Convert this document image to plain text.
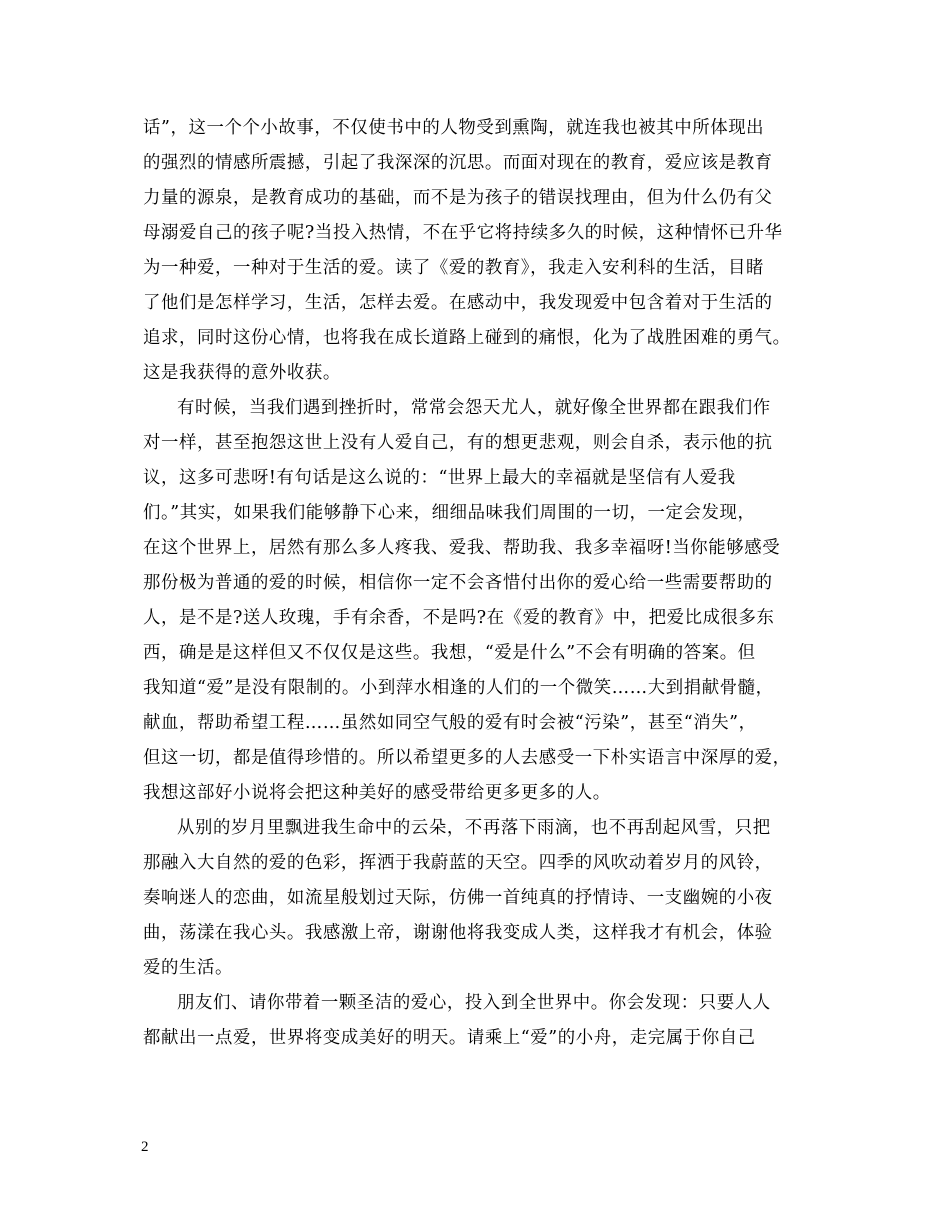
话”，这一个个小故事，不仅使书中的人物受到熏陶，就连我也被其中所体现出
的强烈的情感所震撼，引起了我深深的沉思。而面对现在的教育，爱应该是教育
力量的源泉，是教育成功的基础，而不是为孩子的错误找理由，但为什么仍有父
母溺爱自己的孩子呢?当投入热情，不在乎它将持续多久的时候，这种情怀已升华
为一种爱，一种对于生活的爱。读了《爱的教育》，我走入安利科的生活，目睹
了他们是怎样学习，生活，怎样去爱。在感动中，我发现爱中包含着对于生活的
追求，同时这份心情，也将我在成长道路上碰到的痛恨，化为了战胜困难的勇气。
这是我获得的意外收获。
有时候，当我们遇到挫折时，常常会怨天尤人，就好像全世界都在跟我们作
对一样，甚至抱怨这世上没有人爱自己，有的想更悲观，则会自杀，表示他的抗
议，这多可悲呀!有句话是这么说的：“世界上最大的幸福就是坚信有人爱我
们。”其实，如果我们能够静下心来，细细品味我们周围的一切，一定会发现，
在这个世界上，居然有那么多人疼我、爱我、帮助我、我多幸福呀!当你能够感受
那份极为普通的爱的时候，相信你一定不会吝惜付出你的爱心给一些需要帮助的
人，是不是?送人玫瑰，手有余香，不是吗?在《爱的教育》中，把爱比成很多东
西，确是是这样但又不仅仅是这些。我想，“爱是什么”不会有明确的答案。但
我知道“爱”是没有限制的。小到萍水相逢的人们的一个微笑……大到捐献骨髓，
献血，帮助希望工程……虽然如同空气般的爱有时会被“污染”，甚至“消失”，
但这一切，都是值得珍惜的。所以希望更多的人去感受一下朴实语言中深厚的爱，
我想这部好小说将会把这种美好的感受带给更多更多的人。
从别的岁月里飘进我生命中的云朵，不再落下雨滴，也不再刮起风雪，只把
那融入大自然的爱的色彩，挥洒于我蔚蓝的天空。四季的风吹动着岁月的风铃，
奏响迷人的恋曲，如流星般划过天际，仿佛一首纯真的抒情诗、一支幽婉的小夜
曲，荡漾在我心头。我感激上帝，谢谢他将我变成人类，这样我才有机会，体验
爱的生活。
朋友们、请你带着一颗圣洁的爱心，投入到全世界中。你会发现：只要人人
都献出一点爱，世界将变成美好的明天。请乘上“爱”的小舟，走完属于你自己
2
